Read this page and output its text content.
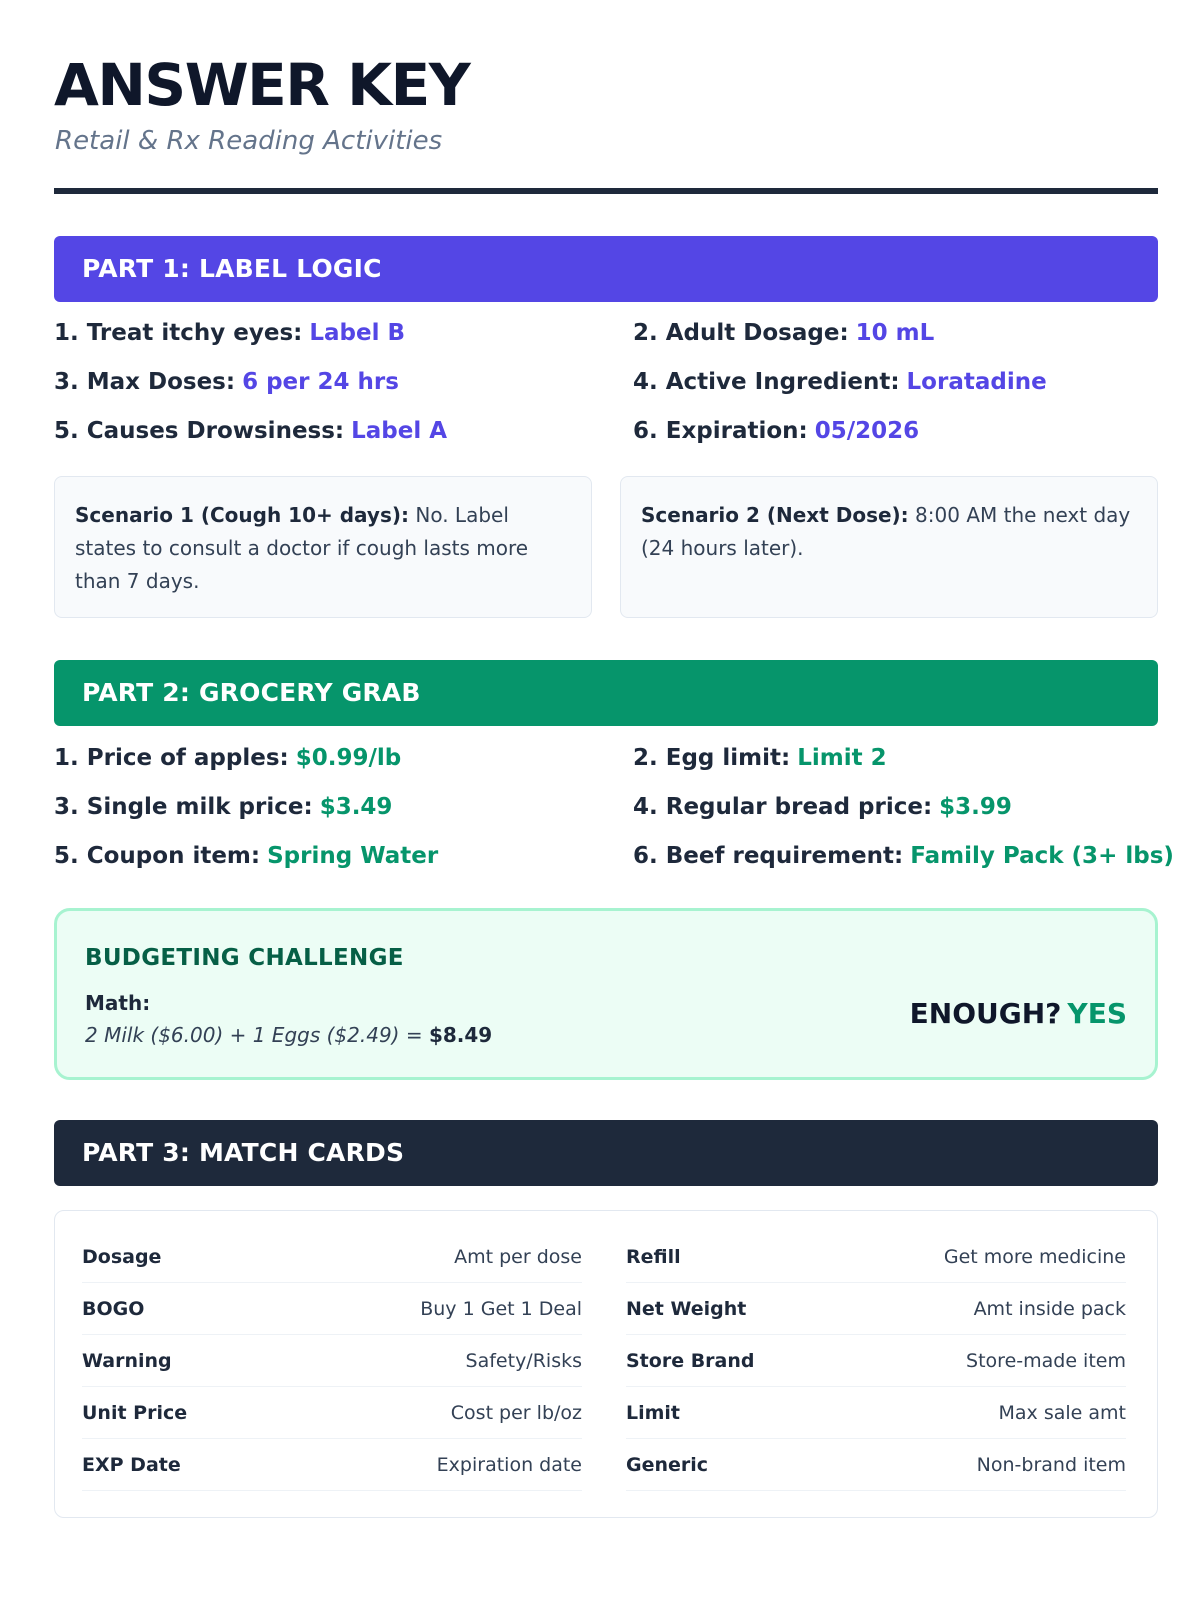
ANSWER KEY
Retail & Rx Reading Activities
PART 1: LABEL LOGIC
1. Treat itchy eyes: Label B	2. Adult Dosage: 10 mL
3. Max Doses: 6 per 24 hrs	4. Active Ingredient: Loratadine
5. Causes Drowsiness: Label A	6. Expiration: 05/2026
Scenario 1 (Cough 10+ days): No. Label states to consult a doctor if cough lasts more than 7 days.
Scenario 2 (Next Dose): 8:00 AM the next day (24 hours later).
PART 2: GROCERY GRAB
1. Price of apples: $0.99/lb	2. Egg limit: Limit 2
3. Single milk price: $3.49	4. Regular bread price: $3.99
5. Coupon item: Spring Water	6. Beef requirement: Family Pack (3+ lbs)
BUDGETING CHALLENGE
Math:
2 Milk ($6.00) + 1 Eggs ($2.49) = $8.49
ENOUGH? YES
PART 3: MATCH CARDS
Dosage	Amt per dose
BOGO	Buy 1 Get 1 Deal
Warning	Safety/Risks
Unit Price	Cost per lb/oz
EXP Date	Expiration date
Refill	Get more medicine
Net Weight	Amt inside pack
Store Brand	Store-made item
Limit	Max sale amt
Generic	Non-brand item
